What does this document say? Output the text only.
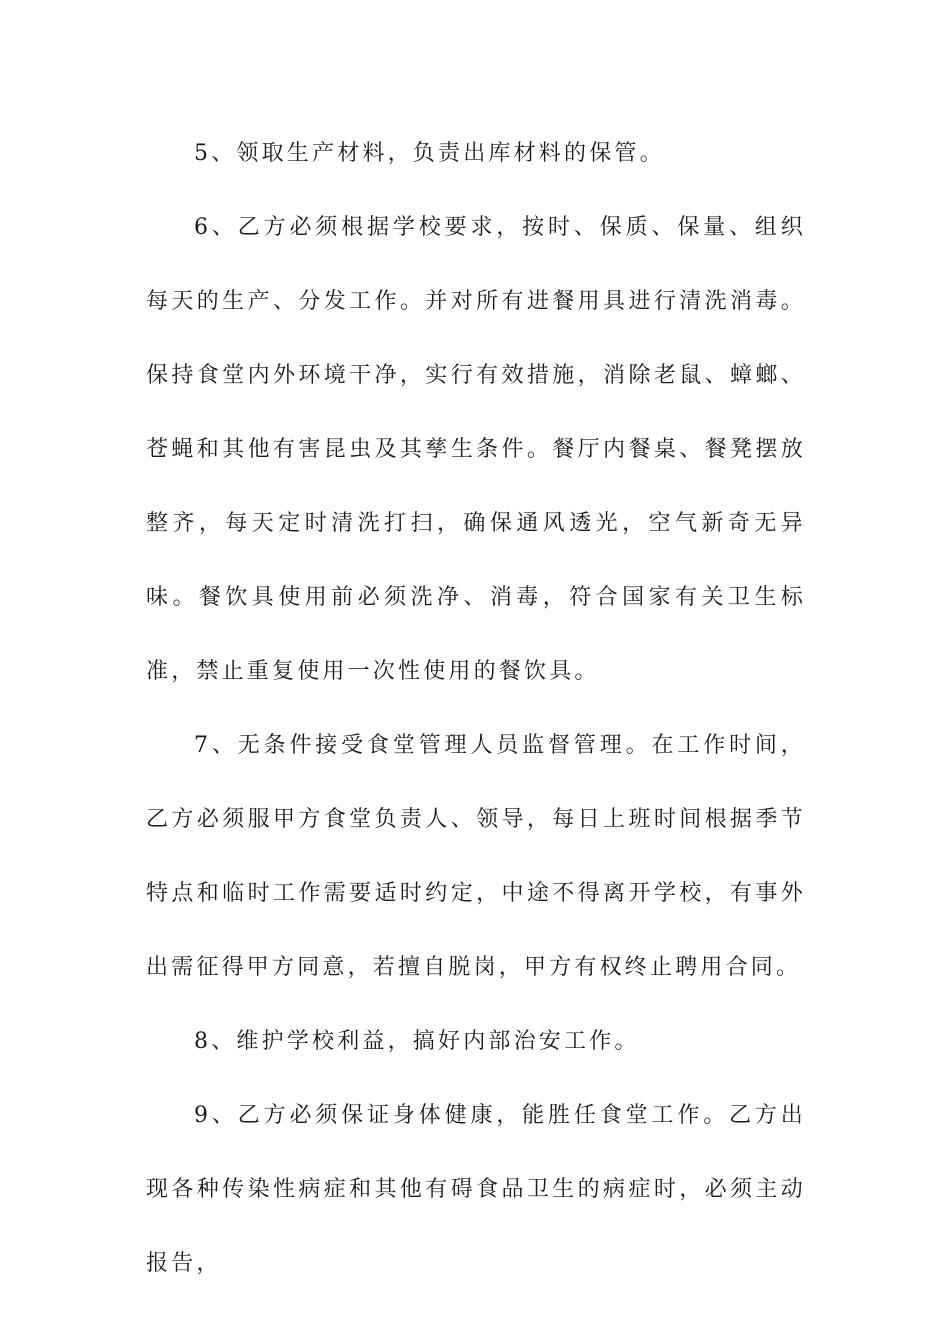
5、领取生产材料，负责出库材料的保管。

6、乙方必须根据学校要求，按时、保质、保量、组织每天的生产、分发工作。并对所有进餐用具进行清洗消毒。保持食堂内外环境干净，实行有效措施，消除老鼠、蟑螂、苍蝇和其他有害昆虫及其孳生条件。餐厅内餐桌、餐凳摆放整齐，每天定时清洗打扫，确保通风透光，空气新奇无异味。餐饮具使用前必须洗净、消毒，符合国家有关卫生标准，禁止重复使用一次性使用的餐饮具。

7、无条件接受食堂管理人员监督管理。在工作时间，乙方必须服甲方食堂负责人、领导，每日上班时间根据季节特点和临时工作需要适时约定，中途不得离开学校，有事外出需征得甲方同意，若擅自脱岗，甲方有权终止聘用合同。

8、维护学校利益，搞好内部治安工作。

9、乙方必须保证身体健康，能胜任食堂工作。乙方出现各种传染性病症和其他有碍食品卫生的病症时，必须主动报告，
